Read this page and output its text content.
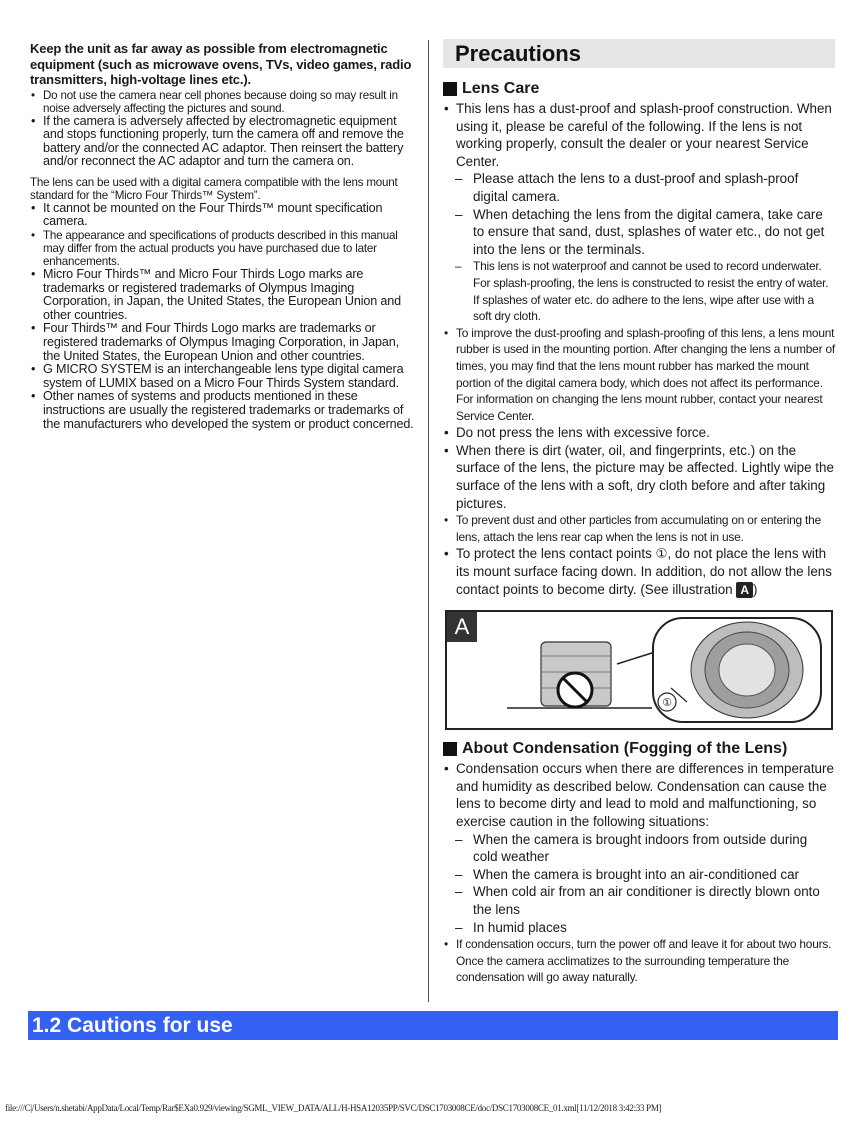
Keep the unit as far away as possible from electromagnetic equipment (such as microwave ovens, TVs, video games, radio transmitters, high-voltage lines etc.).

• Do not use the camera near cell phones because doing so may result in noise adversely affecting the pictures and sound.

• If the camera is adversely affected by electromagnetic equipment and stops functioning properly, turn the camera off and remove the battery and/or the connected AC adaptor. Then reinsert the battery and/or reconnect the AC adaptor and turn the camera on.

The lens can be used with a digital camera compatible with the lens mount standard for the “Micro Four Thirds™ System”.

• It cannot be mounted on the Four Thirds™ mount specification camera.

• The appearance and specifications of products described in this manual may differ from the actual products you have purchased due to later enhancements.

• Micro Four Thirds™ and Micro Four Thirds Logo marks are trademarks or registered trademarks of Olympus Imaging Corporation, in Japan, the United States, the European Union and other countries.

• Four Thirds™ and Four Thirds Logo marks are trademarks or registered trademarks of Olympus Imaging Corporation, in Japan, the United States, the European Union and other countries.

• G MICRO SYSTEM is an interchangeable lens type digital camera system of LUMIX based on a Micro Four Thirds System standard.

• Other names of systems and products mentioned in these instructions are usually the registered trademarks or trademarks of the manufacturers who developed the system or product concerned.

Precautions
Lens Care

• This lens has a dust-proof and splash-proof construction. When using it, please be careful of the following. If the lens is not working properly, consult the dealer or your nearest Service Center.

– Please attach the lens to a dust-proof and splash-proof digital camera.

– When detaching the lens from the digital camera, take care to ensure that sand, dust, splashes of water etc., do not get into the lens or the terminals.

– This lens is not waterproof and cannot be used to record underwater. For splash-proofing, the lens is constructed to resist the entry of water. If splashes of water etc. do adhere to the lens, wipe after use with a soft dry cloth.

• To improve the dust-proofing and splash-proofing of this lens, a lens mount rubber is used in the mounting portion. After changing the lens a number of times, you may find that the lens mount rubber has marked the mount portion of the digital camera body, which does not affect its performance. For information on changing the lens mount rubber, contact your nearest Service Center.

• Do not press the lens with excessive force.

• When there is dirt (water, oil, and fingerprints, etc.) on the surface of the lens, the picture may be affected. Lightly wipe the surface of the lens with a soft, dry cloth before and after taking pictures.

• To prevent dust and other particles from accumulating on or entering the lens, attach the lens rear cap when the lens is not in use.

• To protect the lens contact points ①, do not place the lens with its mount surface facing down. In addition, do not allow the lens contact points to become dirty. (See illustration A )

A
①
About Condensation (Fogging of the Lens)

• Condensation occurs when there are differences in temperature and humidity as described below. Condensation can cause the lens to become dirty and lead to mold and malfunctioning, so exercise caution in the following situations:

– When the camera is brought indoors from outside during cold weather

– When the camera is brought into an air-conditioned car

– When cold air from an air conditioner is directly blown onto the lens

– In humid places

• If condensation occurs, turn the power off and leave it for about two hours. Once the camera acclimatizes to the surrounding temperature the condensation will go away naturally.

1.2 Cautions for use
file:///C|/Users/n.shetabi/AppData/Local/Temp/Rar$EXa0.929/viewing/SGML_VIEW_DATA/ALL/H-HSA12035PP/SVC/DSC1703008CE/doc/DSC1703008CE_01.xml[11/12/2018 3:42:33 PM]
